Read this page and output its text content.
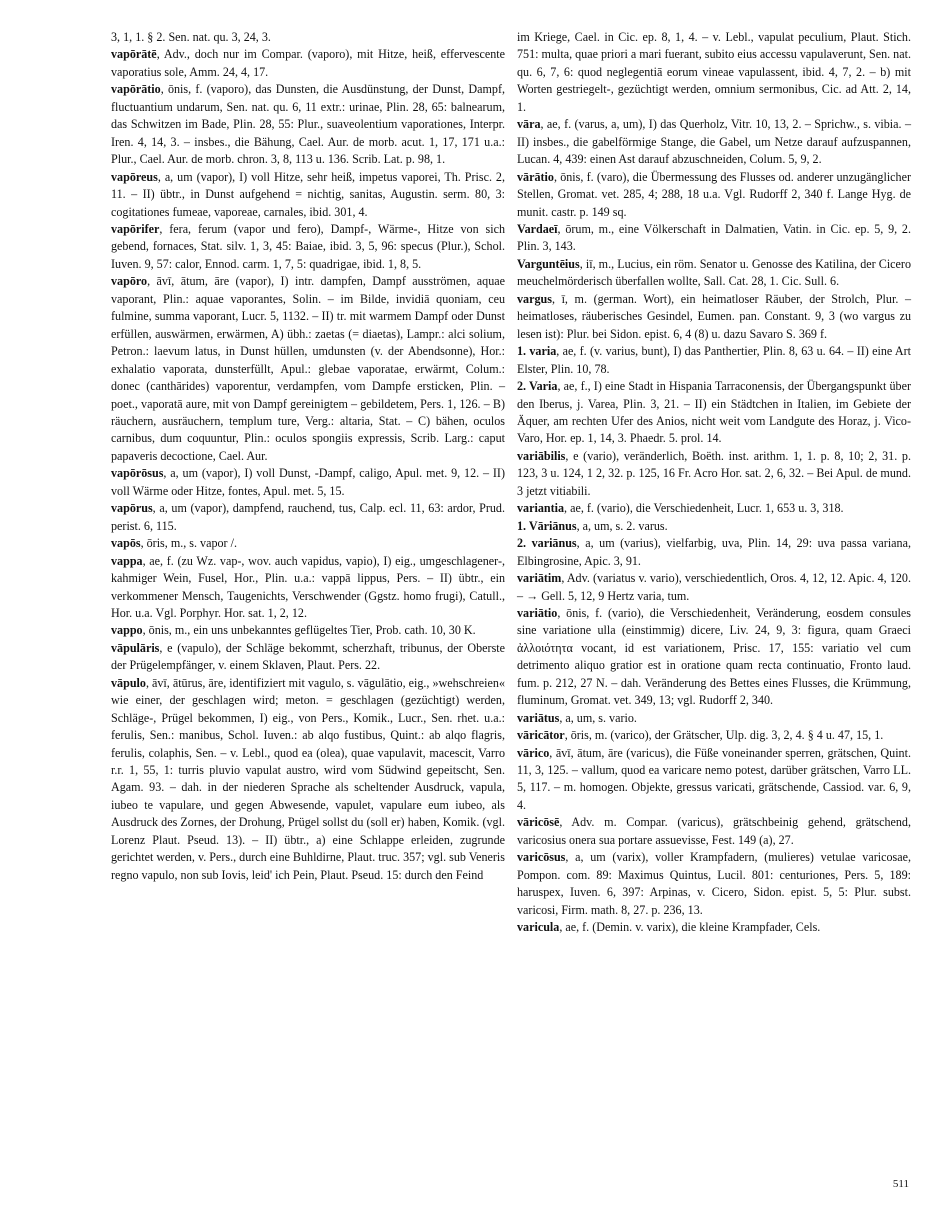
3, 1, 1. § 2. Sen. nat. qu. 3, 24, 3.

vapōrātē, Adv., doch nur im Compar. (vaporo), mit Hitze, heiß, effervescente vaporatius sole, Amm. 24, 4, 17.

vapōrātio, ōnis, f. (vaporo), das Dunsten, die Ausdünstung, der Dunst, Dampf, fluctuantium undarum, Sen. nat. qu. 6, 11 extr.: urinae, Plin. 28, 65: balnearum, das Schwitzen im Bade, Plin. 28, 55: Plur., suaveolentium vaporationes, Interpr. Iren. 4, 14, 3. – insbes., die Bähung, Cael. Aur. de morb. acut. 1, 17, 171 u.a.: Plur., Cael. Aur. de morb. chron. 3, 8, 113 u. 136. Scrib. Lat. p. 98, 1.

vapōreus, a, um (vapor), I) voll Hitze, sehr heiß, impetus vaporei, Th. Prisc. 2, 11. – II) übtr., in Dunst aufgehend = nichtig, sanitas, Augustin. serm. 80, 3: cogitationes fumeae, vaporeae, carnales, ibid. 301, 4.

vapōrifer, fera, ferum (vapor und fero), Dampf-, Wärme-, Hitze von sich gebend, fornaces, Stat. silv. 1, 3, 45: Baiae, ibid. 3, 5, 96: specus (Plur.), Schol. Iuven. 9, 57: calor, Ennod. carm. 1, 7, 5: quadrigae, ibid. 1, 8, 5.

vapōro, āvī, ātum, āre (vapor), I) intr. dampfen, Dampf ausströmen, aquae vaporant, Plin.: aquae vaporantes, Solin. – im Bilde, invidiā quoniam, ceu fulmine, summa vaporant, Lucr. 5, 1132. – II) tr. mit warmem Dampf oder Dunst erfüllen, auswärmen, erwärmen, A) übh.: zaetas (= diaetas), Lampr.: alci solium, Petron.: laevum latus, in Dunst hüllen, umdunsten (v. der Abendsonne), Hor.: exhalatio vaporata, dunsterfüllt, Apul.: glebae vaporatae, erwärmt, Colum.: donec (canthārides) vaporentur, verdampfen, vom Dampfe ersticken, Plin. – poet., vaporatā aure, mit von Dampf gereinigtem – gebildetem, Pers. 1, 126. – B) räuchern, ausräuchern, templum ture, Verg.: altaria, Stat. – C) bähen, oculos carnibus, dum coquuntur, Plin.: oculos spongiis expressis, Scrib. Larg.: caput papaveris decoctione, Cael. Aur.

vapōrōsus, a, um (vapor), I) voll Dunst, -Dampf, caligo, Apul. met. 9, 12. – II) voll Wärme oder Hitze, fontes, Apul. met. 5, 15.

vapōrus, a, um (vapor), dampfend, rauchend, tus, Calp. ecl. 11, 63: ardor, Prud. perist. 6, 115.

vapōs, ōris, m., s. vapor /.

vappa, ae, f. (zu Wz. vap-, wov. auch vapidus, vapio), I) eig., umgeschlagener-, kahmiger Wein, Fusel, Hor., Plin. u.a.: vappā lippus, Pers. – II) übtr., ein verkommener Mensch, Taugenichts, Verschwender (Ggstz. homo frugi), Catull., Hor. u.a. Vgl. Porphyr. Hor. sat. 1, 2, 12.

vappo, ōnis, m., ein uns unbekanntes geflügeltes Tier, Prob. cath. 10, 30 K.

vāpulāris, e (vapulo), der Schläge bekommt, scherzhaft, tribunus, der Oberste der Prügelempfänger, v. einem Sklaven, Plaut. Pers. 22.

vāpulo, āvī, ātūrus, āre, identifiziert mit vagulo, s. vāgulātio, eig., »wehschreien« wie einer, der geschlagen wird; meton. = geschlagen (gezüchtigt) werden, Schläge-, Prügel bekommen, I) eig., von Pers., Komik., Lucr., Sen. rhet. u.a.: ferulis, Sen.: manibus, Schol. Iuven.: ab alqo fustibus, Quint.: ab alqo flagris, ferulis, colaphis, Sen. – v. Lebl., quod ea (olea), quae vapulavit, macescit, Varro r.r. 1, 55, 1: turris pluvio vapulat austro, wird vom Südwind gepeitscht, Sen. Agam. 93. – dah. in der niederen Sprache als scheltender Ausdruck, vapula, iubeo te vapulare, und gegen Abwesende, vapulet, vapulare eum iubeo, als Ausdruck des Zornes, der Drohung, Prügel sollst du (soll er) haben, Komik. (vgl. Lorenz Plaut. Pseud. 13). – II) übtr., a) eine Schlappe erleiden, zugrunde gerichtet werden, v. Pers., durch eine Buhldirne, Plaut. truc. 357; vgl. sub Veneris regno vapulo, non sub Iovis, leid' ich Pein, Plaut. Pseud. 15: durch den Feind

im Kriege, Cael. in Cic. ep. 8, 1, 4. – v. Lebl., vapulat peculium, Plaut. Stich. 751: multa, quae priori a mari fuerant, subito eius accessu vapulaverunt, Sen. nat. qu. 6, 7, 6: quod neglegentiā eorum vineae vapulassent, ibid. 4, 7, 2. – b) mit Worten gestriegelt-, gezüchtigt werden, omnium sermonibus, Cic. ad Att. 2, 14, 1.

vāra, ae, f. (varus, a, um), I) das Querholz, Vitr. 10, 13, 2. – Sprichw., s. vibia. – II) insbes., die gabelförmige Stange, die Gabel, um Netze darauf aufzuspannen, Lucan. 4, 439: einen Ast darauf abzuschneiden, Colum. 5, 9, 2.

vārātio, ōnis, f. (varo), die Übermessung des Flusses od. anderer unzugänglicher Stellen, Gromat. vet. 285, 4; 288, 18 u.a. Vgl. Rudorff 2, 340 f. Lange Hyg. de munit. castr. p. 149 sq.

Vardaeī, ōrum, m., eine Völkerschaft in Dalmatien, Vatin. in Cic. ep. 5, 9, 2. Plin. 3, 143.

Varguntēius, iī, m., Lucius, ein röm. Senator u. Genosse des Katilina, der Cicero meuchelmörderisch überfallen wollte, Sall. Cat. 28, 1. Cic. Sull. 6.

vargus, ī, m. (german. Wort), ein heimatloser Räuber, der Strolch, Plur. – heimatloses, räuberisches Gesindel, Eumen. pan. Constant. 9, 3 (wo vargus zu lesen ist): Plur. bei Sidon. epist. 6, 4 (8) u. dazu Savaro S. 369 f.

1. varia, ae, f. (v. varius, bunt), I) das Panthertier, Plin. 8, 63 u. 64. – II) eine Art Elster, Plin. 10, 78.

2. Varia, ae, f., I) eine Stadt in Hispania Tarraconensis, der Übergangspunkt über den Iberus, j. Varea, Plin. 3, 21. – II) ein Städtchen in Italien, im Gebiete der Äquer, am rechten Ufer des Anios, nicht weit vom Landgute des Horaz, j. Vico-Varo, Hor. ep. 1, 14, 3. Phaedr. 5. prol. 14.

variābilis, e (vario), veränderlich, Boëth. inst. arithm. 1, 1. p. 8, 10; 2, 31. p. 123, 3 u. 124, 1 2, 32. p. 125, 16 Fr. Acro Hor. sat. 2, 6, 32. – Bei Apul. de mund. 3 jetzt vitiabili.

variantia, ae, f. (vario), die Verschiedenheit, Lucr. 1, 653 u. 3, 318.

1. Vāriānus, a, um, s. 2. varus.

2. variānus, a, um (varius), vielfarbig, uva, Plin. 14, 29: uva passa variana, Elbingrosine, Apic. 3, 91.

variātim, Adv. (variatus v. vario), verschiedentlich, Oros. 4, 12, 12. Apic. 4, 120. – → Gell. 5, 12, 9 Hertz varia, tum.

variātio, ōnis, f. (vario), die Verschiedenheit, Veränderung, eosdem consules sine variatione ulla (einstimmig) dicere, Liv. 24, 9, 3: figura, quam Graeci ἀλλοιότητα vocant, id est variationem, Prisc. 17, 155: variatio vel cum detrimento aliquo gratior est in oratione quam recta continuatio, Fronto laud. fum. p. 212, 27 N. – dah. Veränderung des Bettes eines Flusses, die Krümmung, fluminum, Gromat. vet. 349, 13; vgl. Rudorff 2, 340.

variātus, a, um, s. vario.

vāricātor, ōris, m. (varico), der Grätscher, Ulp. dig. 3, 2, 4. § 4 u. 47, 15, 1.

vārico, āvī, ātum, āre (varicus), die Füße voneinander sperren, grätschen, Quint. 11, 3, 125. – vallum, quod ea varicare nemo potest, darüber grätschen, Varro LL. 5, 117. – m. homogen. Objekte, gressus varicati, grätschende, Cassiod. var. 6, 9, 4.

vāricōsē, Adv. m. Compar. (varicus), grätschbeinig gehend, grätschend, varicosius onera sua portare assuevisse, Fest. 149 (a), 27.

varicōsus, a, um (varix), voller Krampfadern, (mulieres) vetulae varicosae, Pompon. com. 89: Maximus Quintus, Lucil. 801: centuriones, Pers. 5, 189: haruspex, Iuven. 6, 397: Arpinas, v. Cicero, Sidon. epist. 5, 5: Plur. subst. varicosi, Firm. math. 8, 27. p. 236, 13.

varicula, ae, f. (Demin. v. varix), die kleine Krampfader, Cels.

511
